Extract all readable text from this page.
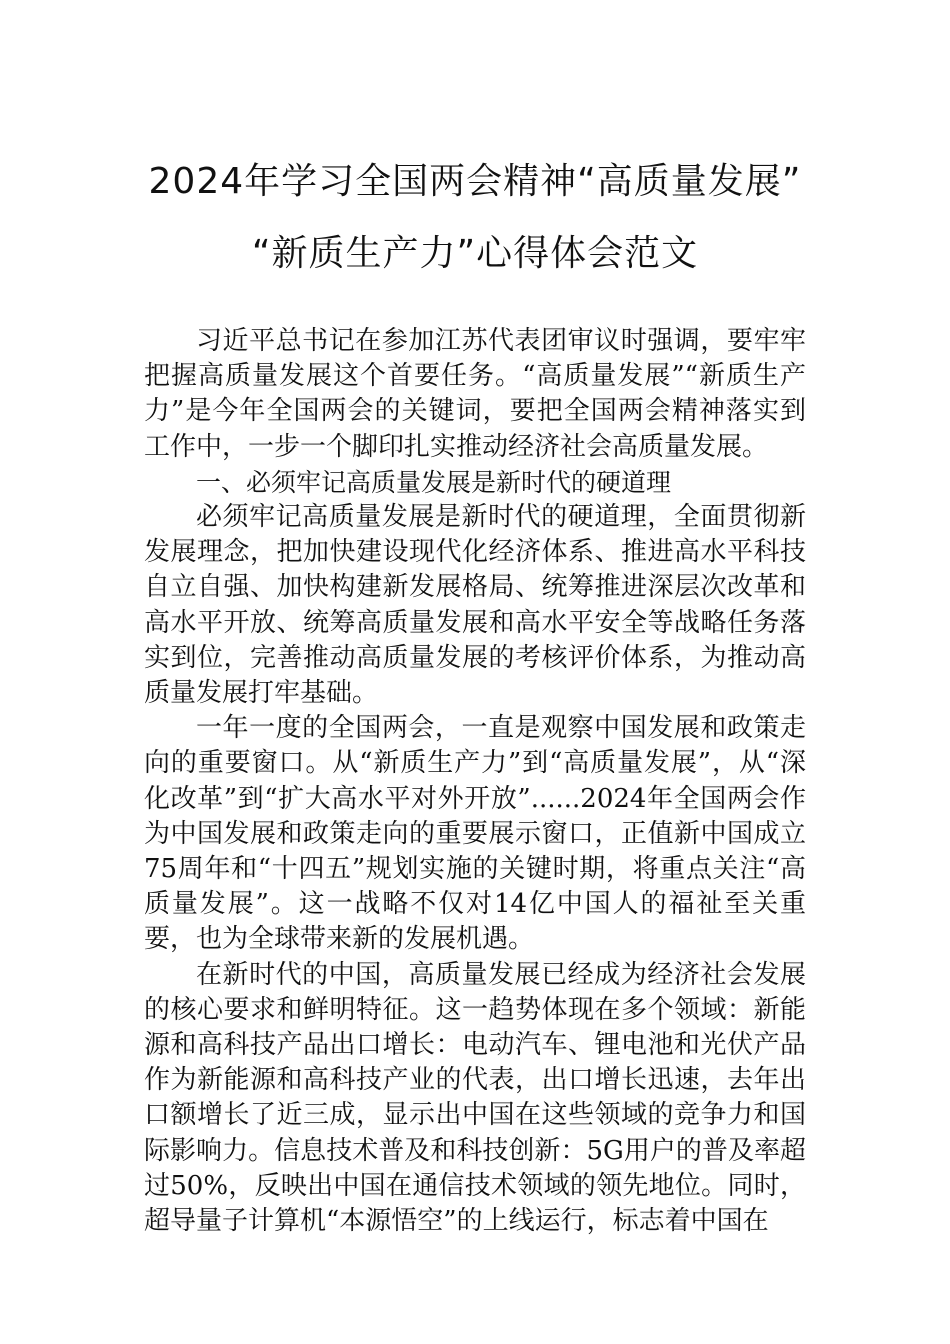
2024年学习全国两会精神“高质量发展”
“新质生产力”心得体会范文

习近平总书记在参加江苏代表团审议时强调，要牢牢把握高质量发展这个首要任务。“高质量发展”“新质生产力”是今年全国两会的关键词，要把全国两会精神落实到工作中，一步一个脚印扎实推动经济社会高质量发展。

一、必须牢记高质量发展是新时代的硬道理

必须牢记高质量发展是新时代的硬道理，全面贯彻新发展理念，把加快建设现代化经济体系、推进高水平科技自立自强、加快构建新发展格局、统筹推进深层次改革和高水平开放、统筹高质量发展和高水平安全等战略任务落实到位，完善推动高质量发展的考核评价体系，为推动高质量发展打牢基础。

一年一度的全国两会，一直是观察中国发展和政策走向的重要窗口。从“新质生产力”到“高质量发展”，从“深化改革”到“扩大高水平对外开放”......2024年全国两会作为中国发展和政策走向的重要展示窗口，正值新中国成立75周年和“十四五”规划实施的关键时期，将重点关注“高质量发展”。这一战略不仅对14亿中国人的福祉至关重要，也为全球带来新的发展机遇。

在新时代的中国，高质量发展已经成为经济社会发展的核心要求和鲜明特征。这一趋势体现在多个领域：新能源和高科技产品出口增长：电动汽车、锂电池和光伏产品作为新能源和高科技产业的代表，出口增长迅速，去年出口额增长了近三成，显示出中国在这些领域的竞争力和国际影响力。信息技术普及和科技创新：5G用户的普及率超过50%，反映出中国在通信技术领域的领先地位。同时，超导量子计算机“本源悟空”的上线运行，标志着中国在
